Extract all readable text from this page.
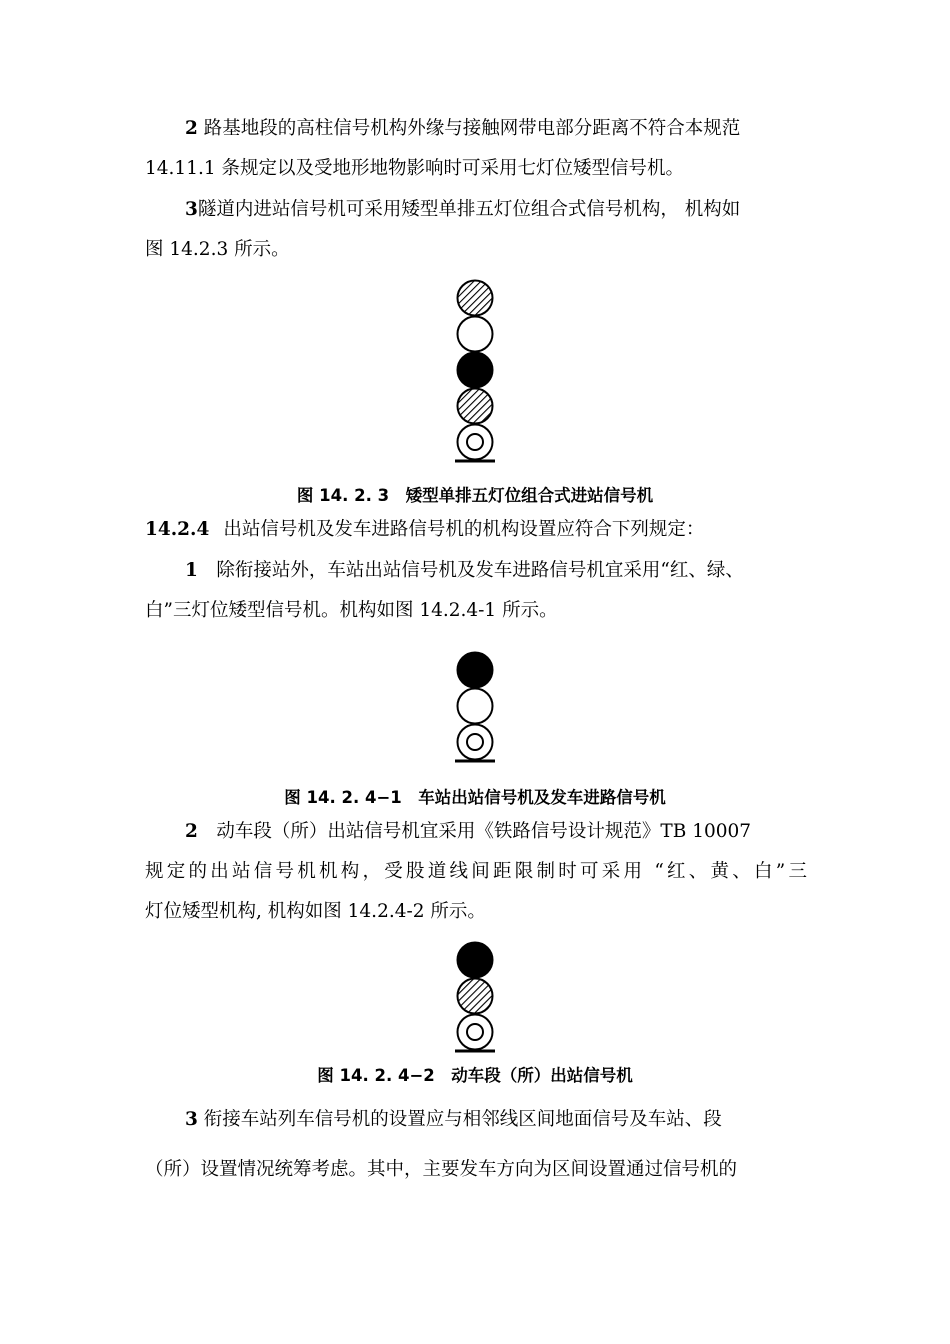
2 路基地段的高柱信号机构外缘与接触网带电部分距离不符合本规范
14.11.1 条规定以及受地形地物影响时可采用七灯位矮型信号机。
3隧道内进站信号机可采用矮型单排五灯位组合式信号机构， 机构如
图 14.2.3 所示。
图 14. 2. 3　矮型单排五灯位组合式进站信号机
14.2.4 出站信号机及发车进路信号机的机构设置应符合下列规定：
1　 除衔接站外，车站出站信号机及发车进路信号机宜采用“红、绿、
白”三灯位矮型信号机。机构如图 14.2.4-1 所示。
图 14. 2. 4−1　车站出站信号机及发车进路信号机
2　 动车段（所）出站信号机宜采用《铁路信号设计规范》TB 10007
规定的出站信号机机构，受股道线间距限制时可采用 “红、黄、白”三
灯位矮型机构, 机构如图 14.2.4-2 所示。
图 14. 2. 4−2　动车段（所）出站信号机
3 衔接车站列车信号机的设置应与相邻线区间地面信号及车站、段
（所）设置情况统筹考虑。其中，主要发车方向为区间设置通过信号机的
